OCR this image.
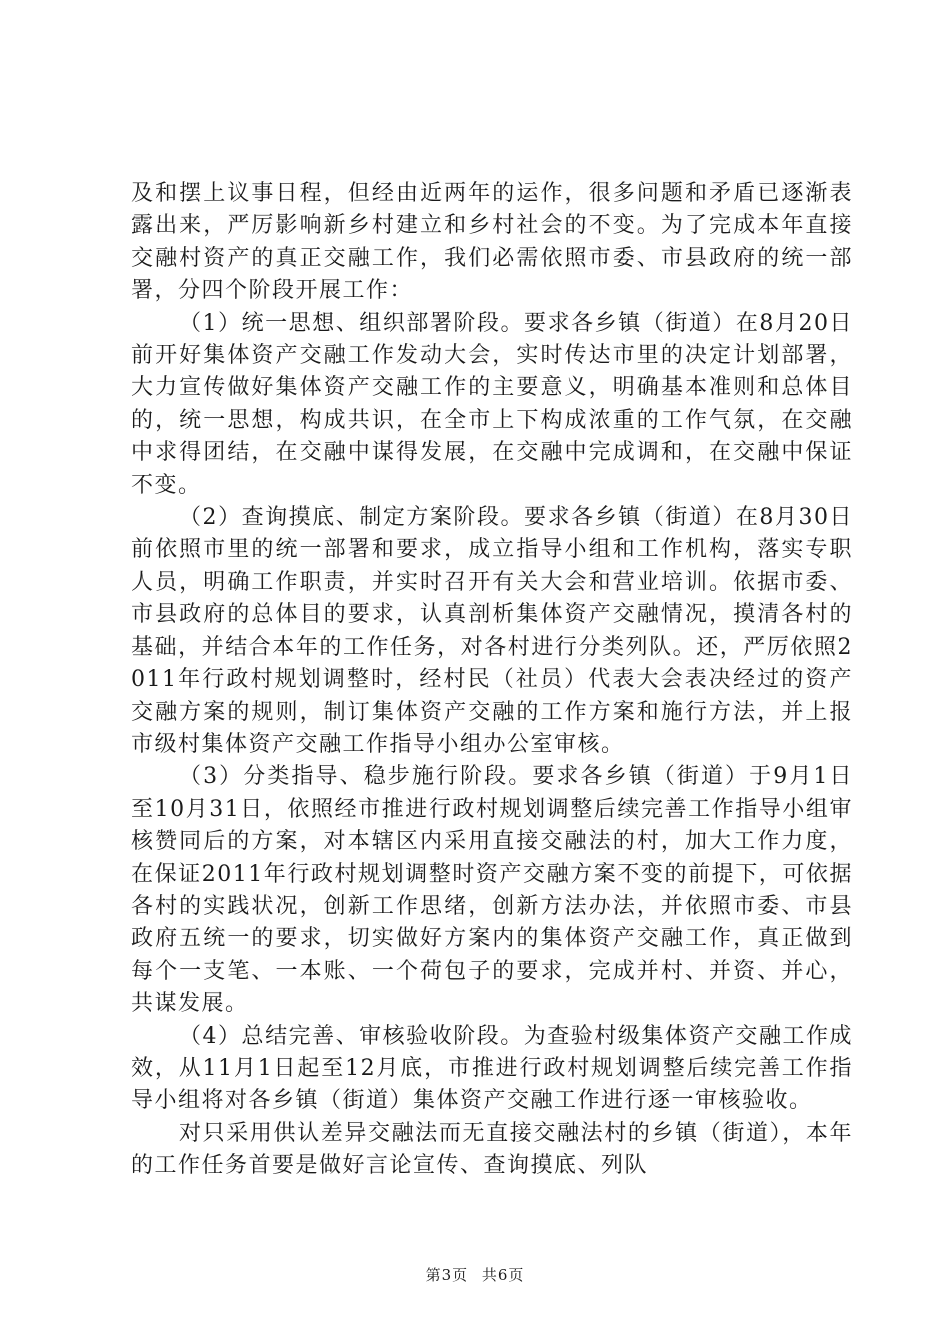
及和摆上议事日程，但经由近两年的运作，很多问题和矛盾已逐渐表露出来，严厉影响新乡村建立和乡村社会的不变。为了完成本年直接交融村资产的真正交融工作，我们必需依照市委、市县政府的统一部署，分四个阶段开展工作：

（1）统一思想、组织部署阶段。要求各乡镇（街道）在8月20日前开好集体资产交融工作发动大会，实时传达市里的决定计划部署，大力宣传做好集体资产交融工作的主要意义，明确基本准则和总体目的，统一思想，构成共识，在全市上下构成浓重的工作气氛，在交融中求得团结，在交融中谋得发展，在交融中完成调和，在交融中保证不变。

（2）查询摸底、制定方案阶段。要求各乡镇（街道）在8月30日前依照市里的统一部署和要求，成立指导小组和工作机构，落实专职人员，明确工作职责，并实时召开有关大会和营业培训。依据市委、市县政府的总体目的要求，认真剖析集体资产交融情况，摸清各村的基础，并结合本年的工作任务，对各村进行分类列队。还，严厉依照2011年行政村规划调整时，经村民（社员）代表大会表决经过的资产交融方案的规则，制订集体资产交融的工作方案和施行方法，并上报市级村集体资产交融工作指导小组办公室审核。

（3）分类指导、稳步施行阶段。要求各乡镇（街道）于9月1日至10月31日，依照经市推进行政村规划调整后续完善工作指导小组审核赞同后的方案，对本辖区内采用直接交融法的村，加大工作力度，在保证2011年行政村规划调整时资产交融方案不变的前提下，可依据各村的实践状况，创新工作思绪，创新方法办法，并依照市委、市县政府五统一的要求，切实做好方案内的集体资产交融工作，真正做到每个一支笔、一本账、一个荷包子的要求，完成并村、并资、并心，共谋发展。

（4）总结完善、审核验收阶段。为查验村级集体资产交融工作成效，从11月1日起至12月底，市推进行政村规划调整后续完善工作指导小组将对各乡镇（街道）集体资产交融工作进行逐一审核验收。

对只采用供认差异交融法而无直接交融法村的乡镇（街道），本年的工作任务首要是做好言论宣传、查询摸底、列队

第3页 共6页
